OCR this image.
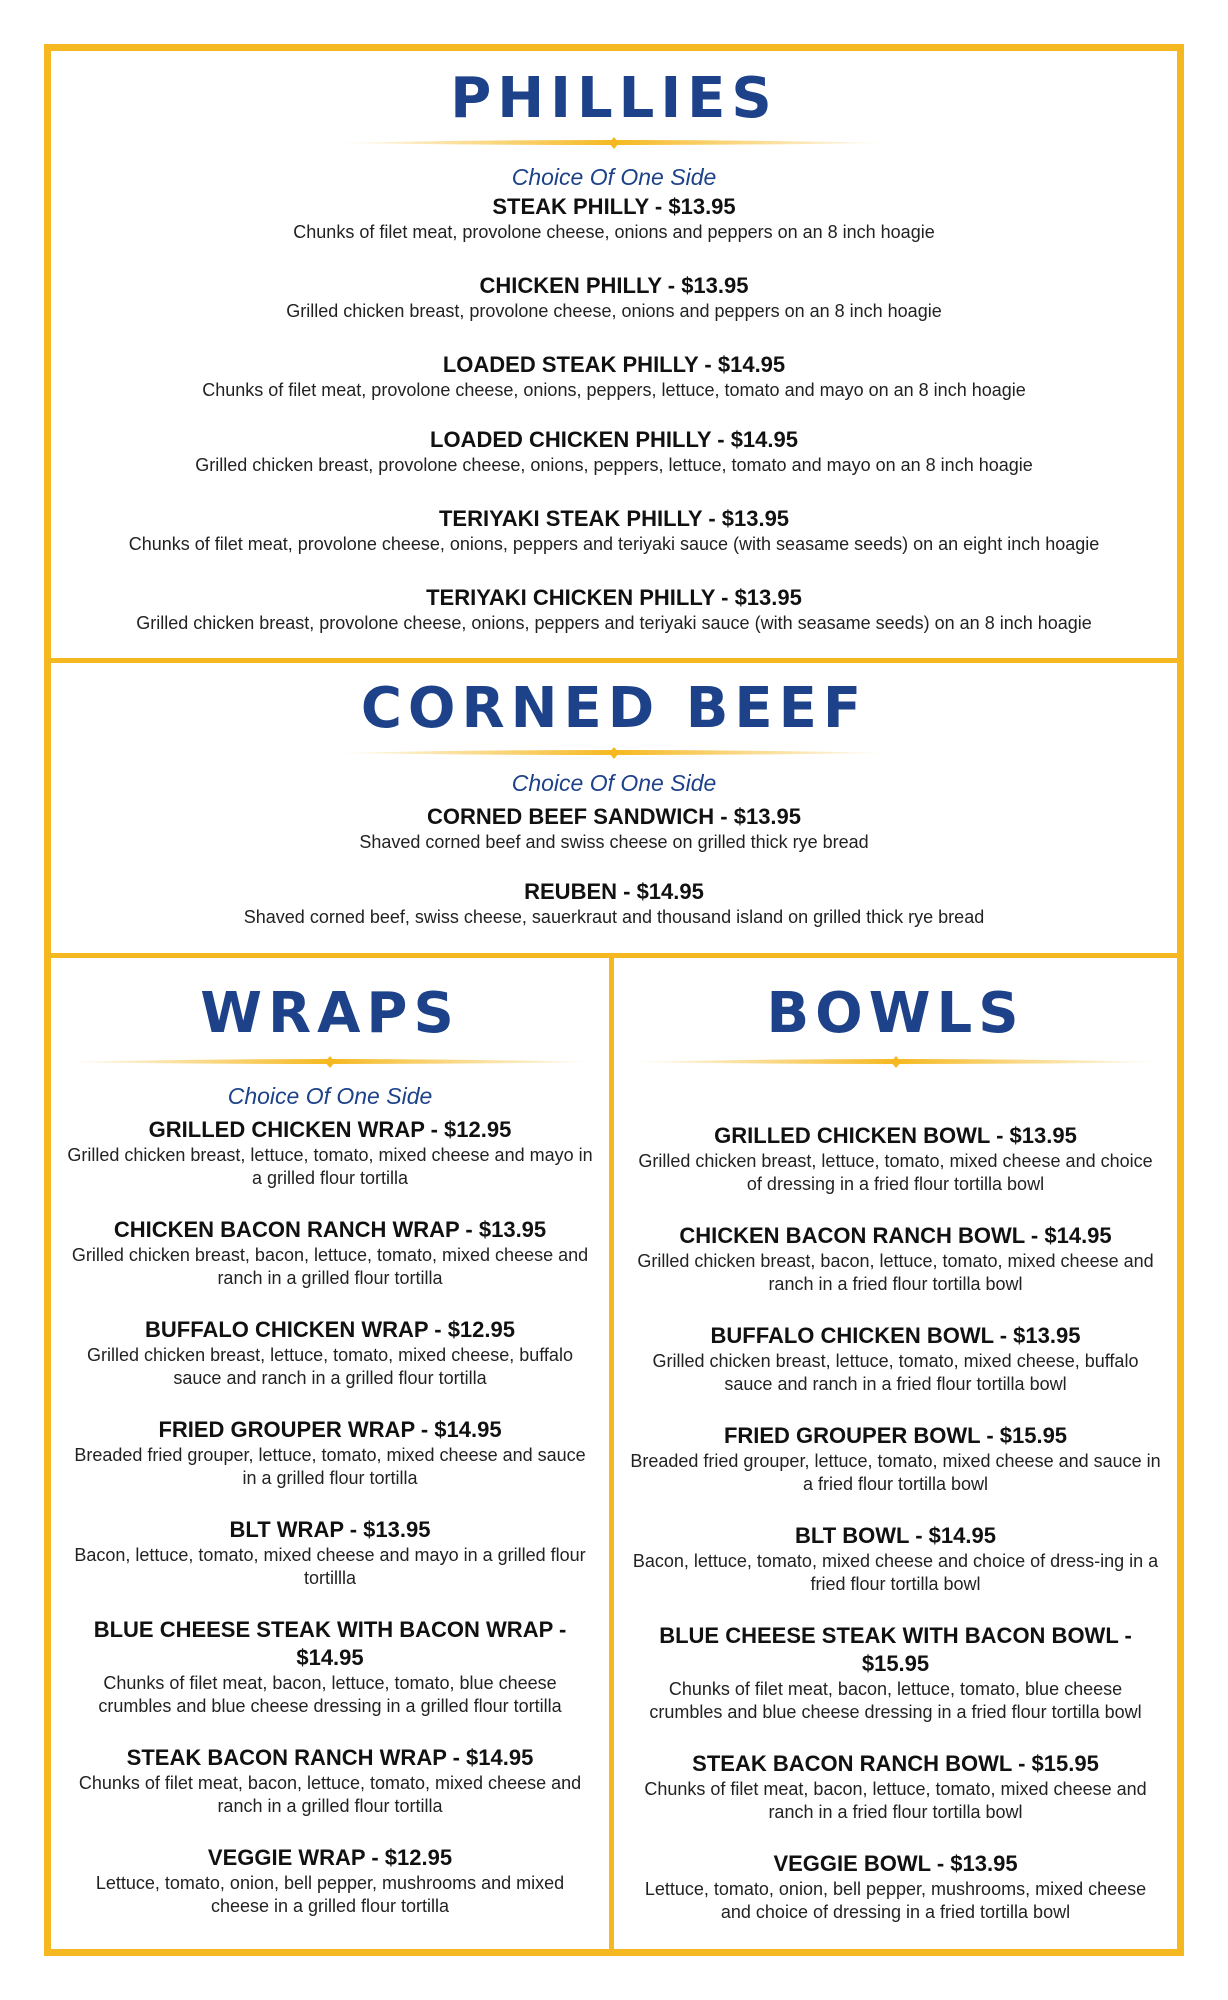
PHILLIES
Choice Of One Side
STEAK PHILLY - $13.95
Chunks of filet meat, provolone cheese, onions and peppers on an 8 inch hoagie
CHICKEN PHILLY - $13.95
Grilled chicken breast, provolone cheese, onions and peppers on an 8 inch hoagie
LOADED STEAK PHILLY - $14.95
Chunks of filet meat, provolone cheese, onions, peppers, lettuce, tomato and mayo on an 8 inch hoagie
LOADED CHICKEN PHILLY - $14.95
Grilled chicken breast, provolone cheese, onions, peppers, lettuce, tomato and mayo on an 8 inch hoagie
TERIYAKI STEAK PHILLY - $13.95
Chunks of filet meat, provolone cheese, onions, peppers and teriyaki sauce (with seasame seeds) on an eight inch hoagie
TERIYAKI CHICKEN PHILLY - $13.95
Grilled chicken breast, provolone cheese, onions, peppers and teriyaki sauce (with seasame seeds) on an 8 inch hoagie
CORNED BEEF
Choice Of One Side
CORNED BEEF SANDWICH - $13.95
Shaved corned beef and swiss cheese on grilled thick rye bread
REUBEN - $14.95
Shaved corned beef, swiss cheese, sauerkraut and thousand island on grilled thick rye bread
WRAPS
Choice Of One Side
GRILLED CHICKEN WRAP - $12.95
Grilled chicken breast, lettuce, tomato, mixed cheese and mayo in a grilled flour tortilla
CHICKEN BACON RANCH WRAP - $13.95
Grilled chicken breast, bacon, lettuce, tomato, mixed cheese and ranch in a grilled flour tortilla
BUFFALO CHICKEN WRAP - $12.95
Grilled chicken breast, lettuce, tomato, mixed cheese, buffalo sauce and ranch in a grilled flour tortilla
FRIED GROUPER WRAP - $14.95
Breaded fried grouper, lettuce, tomato, mixed cheese and sauce in a grilled flour tortilla
BLT WRAP - $13.95
Bacon, lettuce, tomato, mixed cheese and mayo in a grilled flour tortillla
BLUE CHEESE STEAK WITH BACON WRAP - $14.95
Chunks of filet meat, bacon, lettuce, tomato, blue cheese crumbles and blue cheese dressing in a grilled flour tortilla
STEAK BACON RANCH WRAP - $14.95
Chunks of filet meat, bacon, lettuce, tomato, mixed cheese and ranch in a grilled flour tortilla
VEGGIE WRAP - $12.95
Lettuce, tomato, onion, bell pepper, mushrooms and mixed cheese in a grilled flour tortilla
BOWLS
GRILLED CHICKEN BOWL - $13.95
Grilled chicken breast, lettuce, tomato, mixed cheese and choice of dressing in a fried flour tortilla bowl
CHICKEN BACON RANCH BOWL - $14.95
Grilled chicken breast, bacon, lettuce, tomato, mixed cheese and ranch in a fried flour tortilla bowl
BUFFALO CHICKEN BOWL - $13.95
Grilled chicken breast, lettuce, tomato, mixed cheese, buffalo sauce and ranch in a fried flour tortilla bowl
FRIED GROUPER BOWL - $15.95
Breaded fried grouper, lettuce, tomato, mixed cheese and sauce in a fried flour tortilla bowl
BLT BOWL - $14.95
Bacon, lettuce, tomato, mixed cheese and choice of dress-ing in a fried flour tortilla bowl
BLUE CHEESE STEAK WITH BACON BOWL - $15.95
Chunks of filet meat, bacon, lettuce, tomato, blue cheese crumbles and blue cheese dressing in a fried flour tortilla bowl
STEAK BACON RANCH BOWL - $15.95
Chunks of filet meat, bacon, lettuce, tomato, mixed cheese and ranch in a fried flour tortilla bowl
VEGGIE BOWL - $13.95
Lettuce, tomato, onion, bell pepper, mushrooms, mixed cheese and choice of dressing in a fried tortilla bowl
